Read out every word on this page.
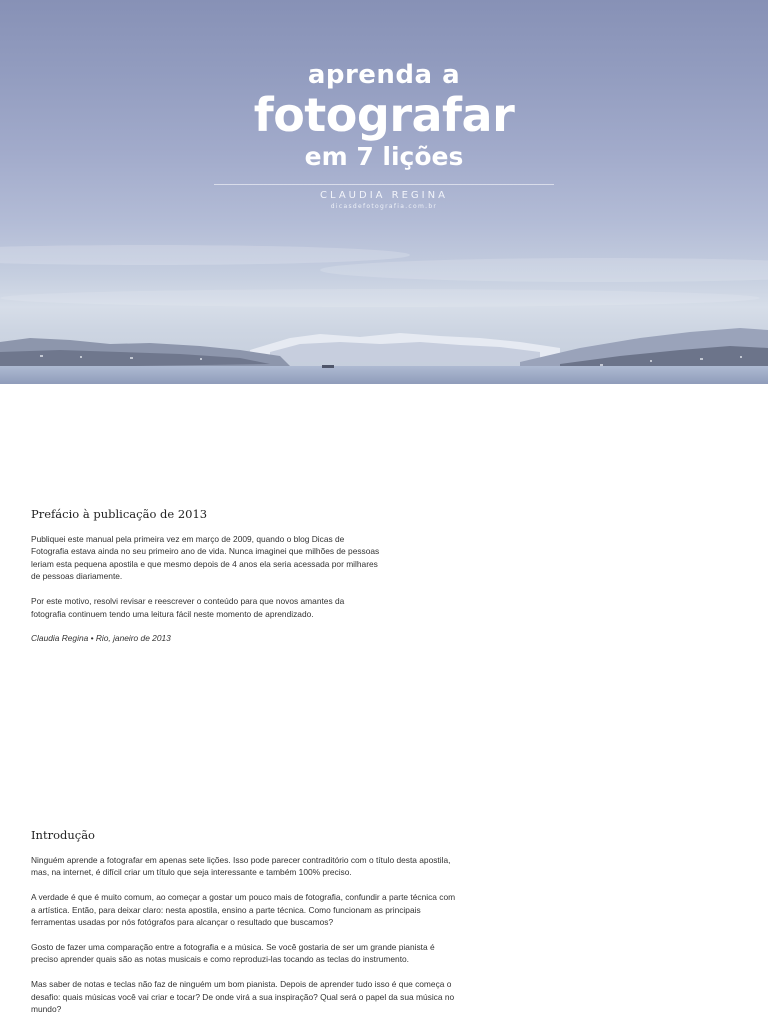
aprenda a
fotografar
em 7 lições
CLAUDIA REGINA
dicasdefotografia.com.br
Prefácio à publicação de 2013

Publiquei este manual pela primeira vez em março de 2009, quando o blog Dicas de Fotografia estava ainda no seu primeiro ano de vida. Nunca imaginei que milhões de pessoas leriam esta pequena apostila e que mesmo depois de 4 anos ela seria acessada por milhares de pessoas diariamente.

Por este motivo, resolvi revisar e reescrever o conteúdo para que novos amantes da fotografia continuem tendo uma leitura fácil neste momento de aprendizado.

Claudia Regina • Rio, janeiro de 2013

Introdução

Ninguém aprende a fotografar em apenas sete lições. Isso pode parecer contraditório com o título desta apostila, mas, na internet, é difícil criar um título que seja interessante e também 100% preciso.

A verdade é que é muito comum, ao começar a gostar um pouco mais de fotografia, confundir a parte técnica com a artística. Então, para deixar claro: nesta apostila, ensino a parte técnica. Como funcionam as principais ferramentas usadas por nós fotógrafos para alcançar o resultado que buscamos?

Gosto de fazer uma comparação entre a fotografia e a música. Se você gostaria de ser um grande pianista é preciso aprender quais são as notas musicais e como reproduzi-las tocando as teclas do instrumento.

Mas saber de notas e teclas não faz de ninguém um bom pianista. Depois de aprender tudo isso é que começa o desafio: quais músicas você vai criar e tocar? De onde virá a sua inspiração? Qual será o papel da sua música no mundo?
